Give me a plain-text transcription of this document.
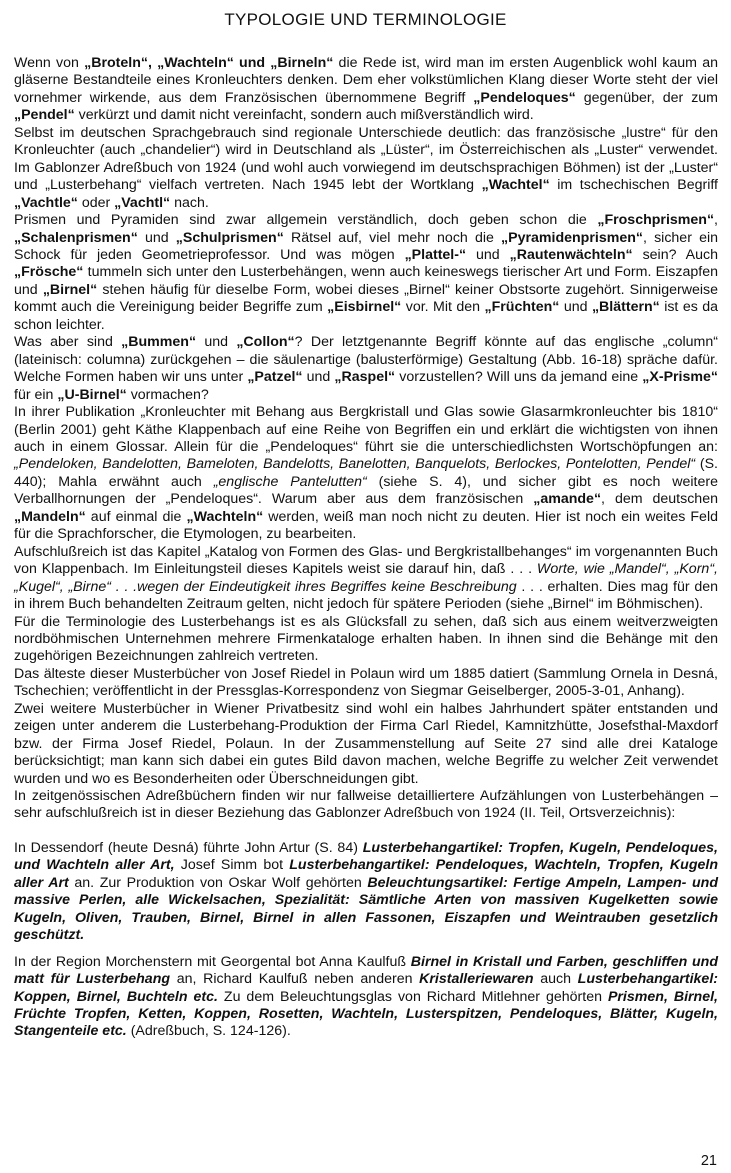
TYPOLOGIE UND TERMINOLOGIE

Wenn von „Broteln“, „Wachteln“ und „Birneln“ die Rede ist, wird man im ersten Augenblick wohl kaum an gläserne Bestandteile eines Kronleuchters denken. Dem eher volkstümlichen Klang dieser Worte steht der viel vornehmer wirkende, aus dem Französischen übernommene Begriff „Pendeloques“ gegenüber, der zum „Pendel“ verkürzt und damit nicht vereinfacht, sondern auch mißverständlich wird.

Selbst im deutschen Sprachgebrauch sind regionale Unterschiede deutlich: das französische „lustre“ für den Kronleuchter (auch „chandelier“) wird in Deutschland als „Lüster“, im Österreichischen als „Luster“ verwendet. Im Gablonzer Adreßbuch von 1924 (und wohl auch vorwiegend im deutschsprachigen Böhmen) ist der „Luster“ und „Lusterbehang“ vielfach vertreten. Nach 1945 lebt der Wortklang „Wachtel“ im tschechischen Begriff „Vachtle“ oder „Vachtl“ nach.

Prismen und Pyramiden sind zwar allgemein verständlich, doch geben schon die „Froschprismen“, „Schalenprismen“ und „Schulprismen“ Rätsel auf, viel mehr noch die „Pyramidenprismen“, sicher ein Schock für jeden Geometrieprofessor. Und was mögen „Plattel-“ und „Rautenwächteln“ sein? Auch „Frösche“ tummeln sich unter den Lusterbehängen, wenn auch keineswegs tierischer Art und Form. Eiszapfen und „Birnel“ stehen häufig für dieselbe Form, wobei dieses „Birnel“ keiner Obstsorte zugehört. Sinnigerweise kommt auch die Vereinigung beider Begriffe zum „Eisbirnel“ vor. Mit den „Früchten“ und „Blättern“ ist es da schon leichter.

Was aber sind „Bummen“ und „Collon“? Der letztgenannte Begriff könnte auf das englische „column“ (lateinisch: columna) zurückgehen – die säulenartige (balusterförmige) Gestaltung (Abb. 16-18) spräche dafür. Welche Formen haben wir uns unter „Patzel“ und „Raspel“ vorzustellen? Will uns da jemand eine „X-Prisme“ für ein „U-Birnel“ vormachen?

In ihrer Publikation „Kronleuchter mit Behang aus Bergkristall und Glas sowie Glasarmkronleuchter bis 1810“ (Berlin 2001) geht Käthe Klappenbach auf eine Reihe von Begriffen ein und erklärt die wichtigsten von ihnen auch in einem Glossar. Allein für die „Pendeloques“ führt sie die unterschiedlichsten Wortschöpfungen an: „Pendeloken, Bandelotten, Bameloten, Bandelotts, Banelotten, Banquelots, Berlockes, Pontelotten, Pendel“ (S. 440); Mahla erwähnt auch „englische Pantelutten“ (siehe S. 4), und sicher gibt es noch weitere Verballhornungen der „Pendeloques“. Warum aber aus dem französischen „amande“, dem deutschen „Mandeln“ auf einmal die „Wachteln“ werden, weiß man noch nicht zu deuten. Hier ist noch ein weites Feld für die Sprachforscher, die Etymologen, zu bearbeiten.

Aufschlußreich ist das Kapitel „Katalog von Formen des Glas- und Bergkristallbehanges“ im vorgenannten Buch von Klappenbach. Im Einleitungsteil dieses Kapitels weist sie darauf hin, daß . . . Worte, wie „Mandel“, „Korn“, „Kugel“, „Birne“ . . .wegen der Eindeutigkeit ihres Begriffes keine Beschreibung . . . erhalten. Dies mag für den in ihrem Buch behandelten Zeitraum gelten, nicht jedoch für spätere Perioden (siehe „Birnel“ im Böhmischen).

Für die Terminologie des Lusterbehangs ist es als Glücksfall zu sehen, daß sich aus einem weitverzweigten nordböhmischen Unternehmen mehrere Firmenkataloge erhalten haben. In ihnen sind die Behänge mit den zugehörigen Bezeichnungen zahlreich vertreten.

Das älteste dieser Musterbücher von Josef Riedel in Polaun wird um 1885 datiert (Sammlung Ornela in Desná, Tschechien; veröffentlicht in der Pressglas-Korrespondenz von Siegmar Geiselberger, 2005-3-01, Anhang).

Zwei weitere Musterbücher in Wiener Privatbesitz sind wohl ein halbes Jahrhundert später entstanden und zeigen unter anderem die Lusterbehang-Produktion der Firma Carl Riedel, Kamnitzhütte, Josefsthal-Maxdorf bzw. der Firma Josef Riedel, Polaun. In der Zusammenstellung auf Seite 27 sind alle drei Kataloge berücksichtigt; man kann sich dabei ein gutes Bild davon machen, welche Begriffe zu welcher Zeit verwendet wurden und wo es Besonderheiten oder Überschneidungen gibt.

In zeitgenössischen Adreßbüchern finden wir nur fallweise detailliertere Aufzählungen von Lusterbehängen – sehr aufschlußreich ist in dieser Beziehung das Gablonzer Adreßbuch von 1924 (II. Teil, Ortsverzeichnis):

In Dessendorf (heute Desná) führte John Artur (S. 84) Lusterbehangartikel: Tropfen, Kugeln, Pendeloques, und Wachteln aller Art, Josef Simm bot Lusterbehangartikel: Pendeloques, Wachteln, Tropfen, Kugeln aller Art an. Zur Produktion von Oskar Wolf gehörten Beleuchtungsartikel: Fertige Ampeln, Lampen- und massive Perlen, alle Wickelsachen, Spezialität: Sämtliche Arten von massiven Kugelketten sowie Kugeln, Oliven, Trauben, Birnel, Birnel in allen Fassonen, Eiszapfen und Weintrauben gesetzlich geschützt.

In der Region Morchenstern mit Georgental bot Anna Kaulfuß Birnel in Kristall und Farben, geschliffen und matt für Lusterbehang an, Richard Kaulfuß neben anderen Kristalleriewaren auch Lusterbehangartikel: Koppen, Birnel, Buchteln etc. Zu dem Beleuchtungsglas von Richard Mitlehner gehörten Prismen, Birnel, Früchte Tropfen, Ketten, Koppen, Rosetten, Wachteln, Lusterspitzen, Pendeloques, Blätter, Kugeln, Stangenteile etc. (Adreßbuch, S. 124-126).

21
